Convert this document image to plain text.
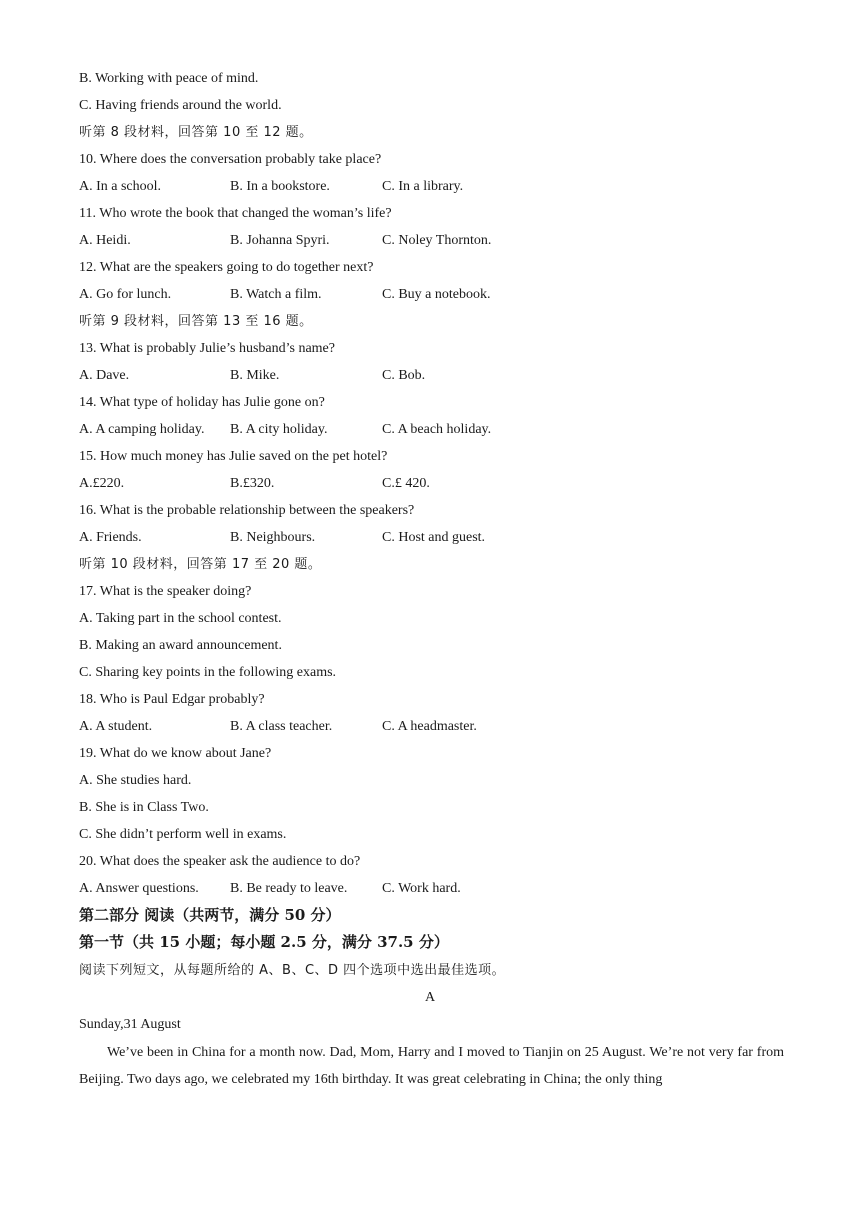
B. Working with peace of mind.
C. Having friends around the world.
听第 8 段材料，回答第 10 至 12 题。
10. Where does the conversation probably take place?
A. In a school.	B. In a bookstore.	C. In a library.
11. Who wrote the book that changed the woman’s life?
A. Heidi.	B. Johanna Spyri.	C. Noley Thornton.
12. What are the speakers going to do together next?
A. Go for lunch.	B. Watch a film.	C. Buy a notebook.
听第 9 段材料，回答第 13 至 16 题。
13. What is probably Julie’s husband’s name?
A. Dave.	B. Mike.	C. Bob.
14. What type of holiday has Julie gone on?
A. A camping holiday. B. A city holiday.	C. A beach holiday.
15. How much money has Julie saved on the pet hotel?
A.£220.	B.£320.	C.£ 420.
16. What is the probable relationship between the speakers?
A. Friends.	B. Neighbours.	C. Host and guest.
听第 10 段材料，回答第 17 至 20 题。
17. What is the speaker doing?
A. Taking part in the school contest.
B. Making an award announcement.
C. Sharing key points in the following exams.
18. Who is Paul Edgar probably?
A. A student.	B. A class teacher.	C. A headmaster.
19. What do we know about Jane?
A. She studies hard.
B. She is in Class Two.
C. She didn’t perform well in exams.
20. What does the speaker ask the audience to do?
A. Answer questions. B. Be ready to leave. C. Work hard.
第二部分 阅读（共两节，满分 50 分）
第一节（共 15 小题；每小题 2.5 分，满分 37.5 分）
阅读下列短文，从每题所给的 A、B、C、D 四个选项中选出最佳选项。
A
Sunday,31 August
We’ve been in China for a month now. Dad, Mom, Harry and I moved to Tianjin on 25 August. We’re not very far from Beijing. Two days ago, we celebrated my 16th birthday. It was great celebrating in China; the only thing
